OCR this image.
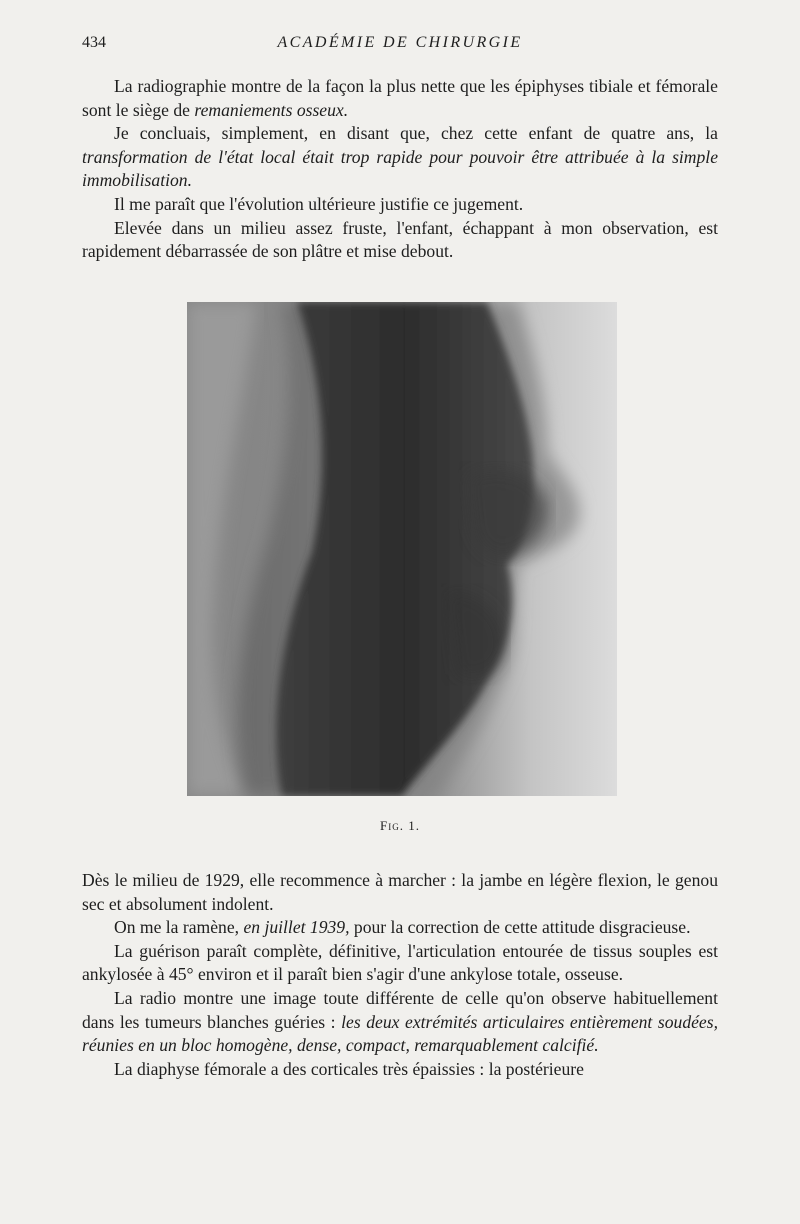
434	ACADÉMIE DE CHIRURGIE

La radiographie montre de la façon la plus nette que les épiphyses tibiale et fémorale sont le siège de remaniements osseux.

Je concluais, simplement, en disant que, chez cette enfant de quatre ans, la transformation de l'état local était trop rapide pour pouvoir être attribuée à la simple immobilisation.

Il me paraît que l'évolution ultérieure justifie ce jugement.

Elevée dans un milieu assez fruste, l'enfant, échappant à mon observation, est rapidement débarrassée de son plâtre et mise debout.

Fig. 1.

Dès le milieu de 1929, elle recommence à marcher : la jambe en légère flexion, le genou sec et absolument indolent.

On me la ramène, en juillet 1939, pour la correction de cette attitude disgracieuse.

La guérison paraît complète, définitive, l'articulation entourée de tissus souples est ankylosée à 45° environ et il paraît bien s'agir d'une ankylose totale, osseuse.

La radio montre une image toute différente de celle qu'on observe habituellement dans les tumeurs blanches guéries : les deux extrémités articulaires entièrement soudées, réunies en un bloc homogène, dense, compact, remarquablement calcifié.

La diaphyse fémorale a des corticales très épaissies : la postérieure
